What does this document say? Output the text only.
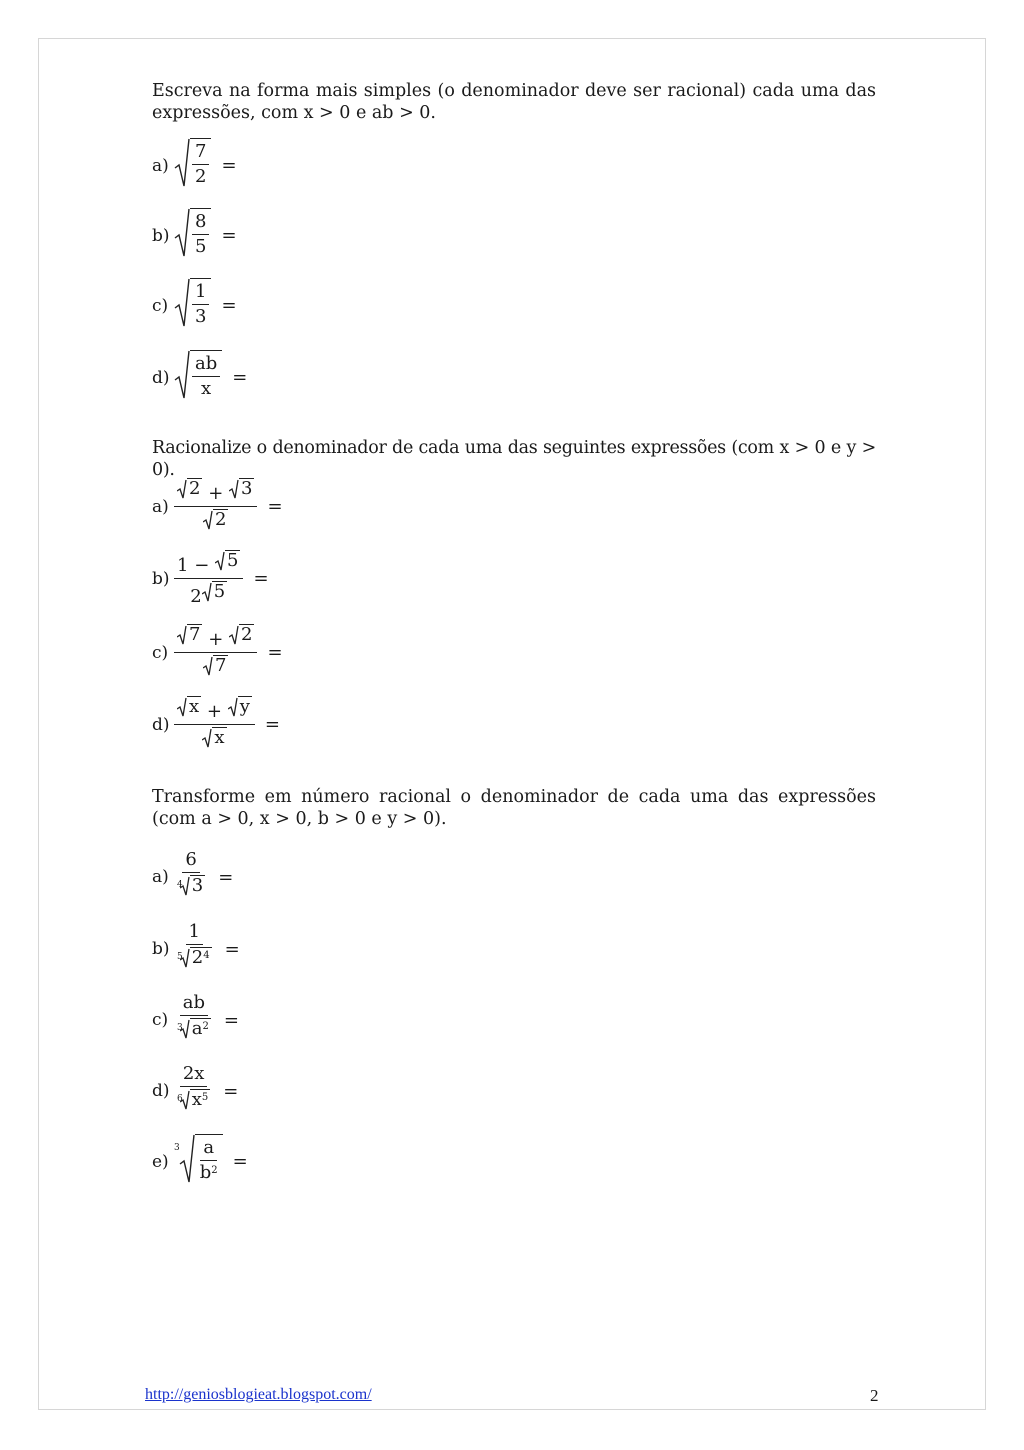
Escreva na forma mais simples (o denominador deve ser racional) cada uma das expressões, com x > 0 e ab > 0.
$a) \frac{7}{2}$ =
$b) \frac{8}{5}$ =
c)	$\frac{1}{3}$ =
$d) \frac{ab}{x}$ =
Racionalize o denominador de cada uma das seguintes expressões (com x > 0 e y > 0).
$a) \frac{2 + 3}{2}$ =
$b) \frac{1 - 5}{2 5}$ =
$c) \frac{7 + 2}{7}$ =
$d) \frac{x + y}{x}$ =
Transforme em número racional o denominador de cada uma das expressões (com a > 0, x > 0, b > 0 e y > 0).
$a) \frac{6}{^4 3}$ =
$b) \frac{1}{^5 2^4}$ =
$c) \frac{ab}{^3 a^2}$ =
$d) \frac{2x}{^6 x^5}$ =
e)
$3 \frac{a}{b^2}$ =
http://geniosblogieat.blogspot.com/	2
